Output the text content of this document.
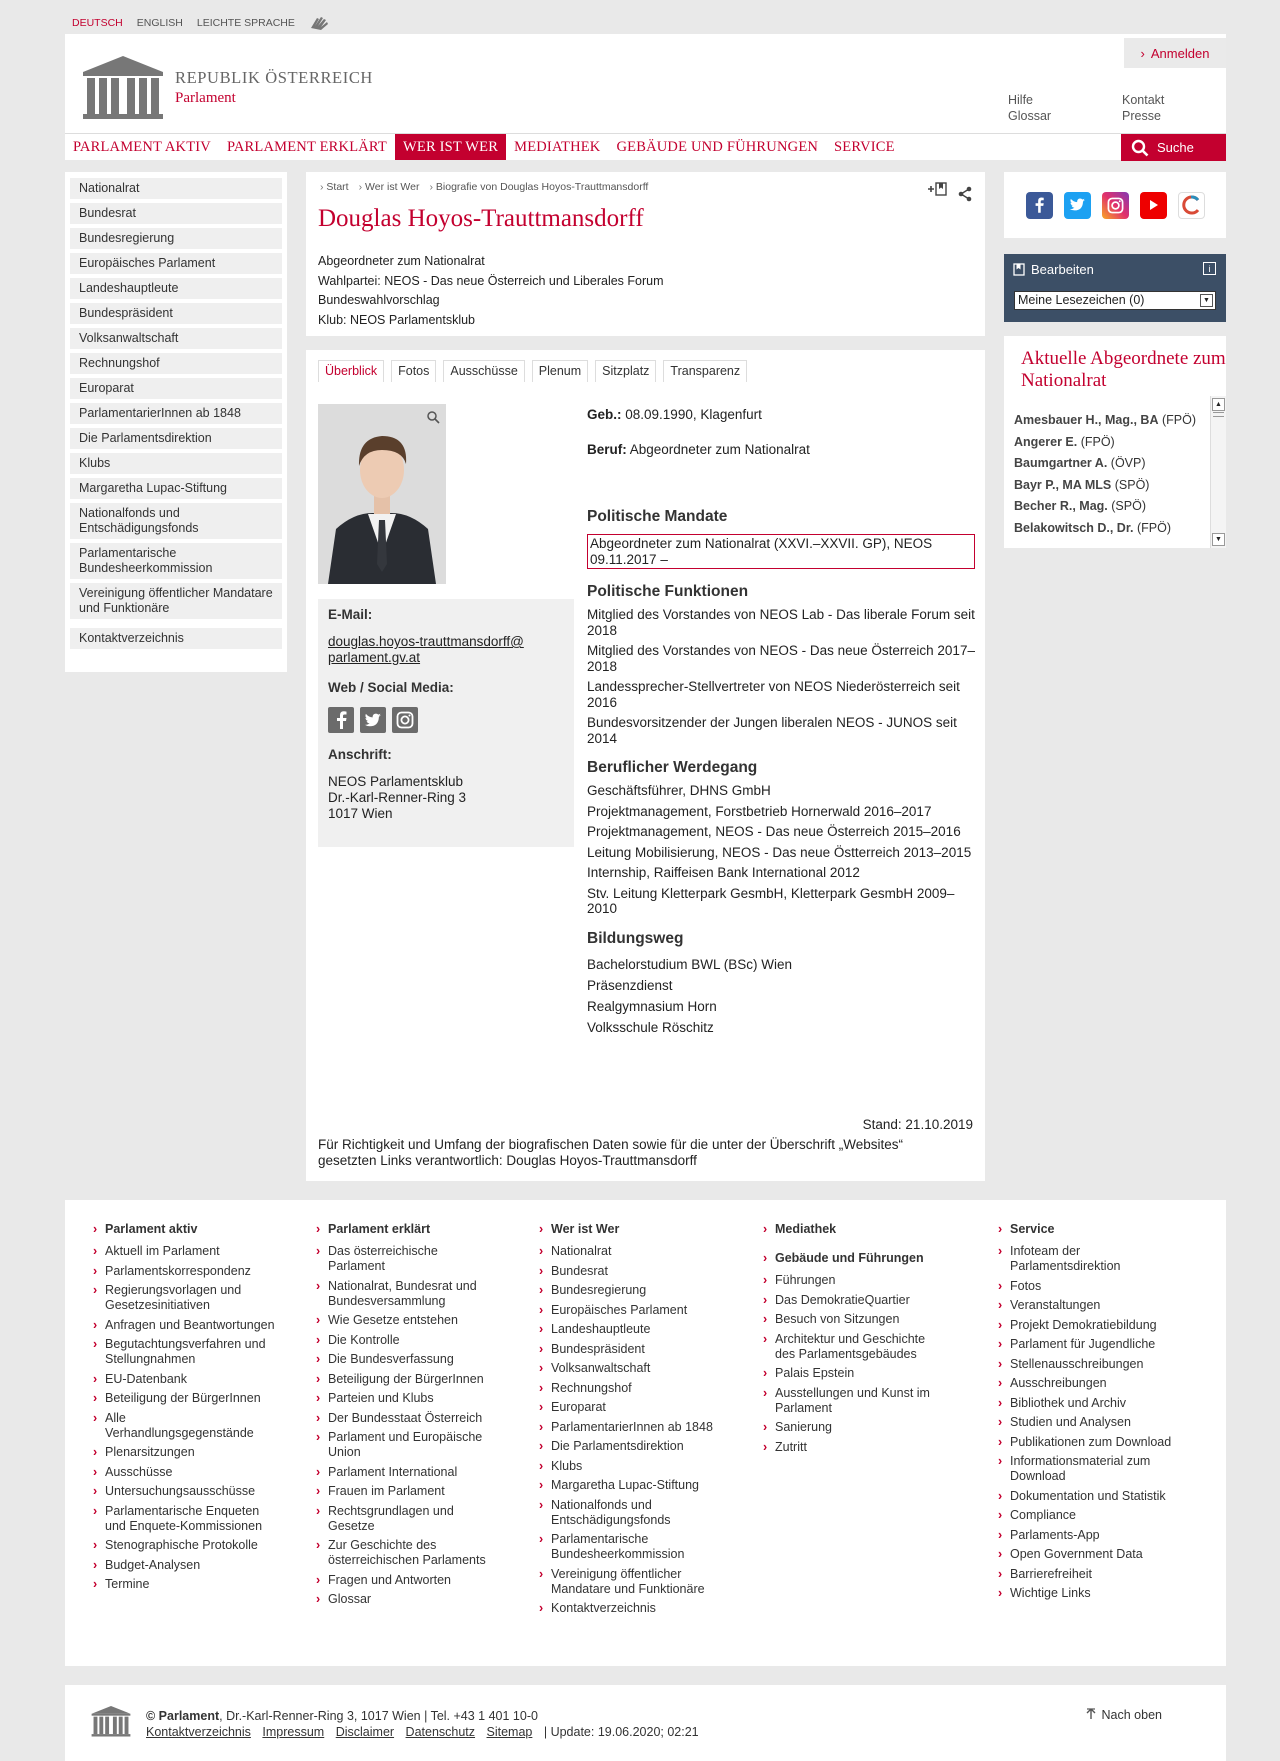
DEUTSCH ENGLISH LEICHTE SPRACHE
REPUBLIK ÖSTERREICH
Parlament
› Anmelden
Hilfe
Glossar
Kontakt
Presse
PARLAMENT AKTIV	PARLAMENT ERKLÄRT	WER IST WER	MEDIATHEK	GEBÄUDE UND FÜHRUNGEN	SERVICE	Suche
Nationalrat
Bundesrat
Bundesregierung
Europäisches Parlament
Landeshauptleute
Bundespräsident
Volksanwaltschaft
Rechnungshof
Europarat
ParlamentarierInnen ab 1848
Die Parlamentsdirektion
Klubs
Margaretha Lupac-Stiftung
Nationalfonds und Entschädigungsfonds
Parlamentarische Bundesheerkommission
Vereinigung öffentlicher Mandatare und Funktionäre
Kontaktverzeichnis
› Start	› Wer ist Wer	› Biografie von Douglas Hoyos-Trauttmansdorff
Douglas Hoyos-Trauttmansdorff
Abgeordneter zum Nationalrat
Wahlpartei: NEOS - Das neue Österreich und Liberales Forum
Bundeswahlvorschlag
Klub: NEOS Parlamentsklub
Überblick	Fotos	Ausschüsse	Plenum	Sitzplatz	Transparenz
E-Mail:
douglas.hoyos-trauttmansdorff@
parlament.gv.at
Web / Social Media:
Anschrift:
NEOS Parlamentsklub
Dr.-Karl-Renner-Ring 3
1017 Wien
Geb.: 08.09.1990, Klagenfurt
Beruf: Abgeordneter zum Nationalrat
Politische Mandate
Abgeordneter zum Nationalrat (XXVI.–XXVII. GP), NEOS 09.11.2017 –
Politische Funktionen
Mitglied des Vorstandes von NEOS Lab - Das liberale Forum seit 2018
Mitglied des Vorstandes von NEOS - Das neue Österreich 2017–2018
Landessprecher-Stellvertreter von NEOS Niederösterreich seit 2016
Bundesvorsitzender der Jungen liberalen NEOS - JUNOS seit 2014
Beruflicher Werdegang
Geschäftsführer, DHNS GmbH
Projektmanagement, Forstbetrieb Hornerwald 2016–2017
Projektmanagement, NEOS - Das neue Österreich 2015–2016
Leitung Mobilisierung, NEOS - Das neue Östterreich 2013–2015
Internship, Raiffeisen Bank International 2012
Stv. Leitung Kletterpark GesmbH, Kletterpark GesmbH 2009–2010
Bildungsweg
Bachelorstudium BWL (BSc) Wien
Präsenzdienst
Realgymnasium Horn
Volksschule Röschitz
Stand: 21.10.2019
Für Richtigkeit und Umfang der biografischen Daten sowie für die unter der Überschrift „Websites“ gesetzten Links verantwortlich: Douglas Hoyos-Trauttmansdorff
Bearbeiten	i
Meine Lesezeichen (0)	▼
Aktuelle Abgeordnete zum Nationalrat
Amesbauer H., Mag., BA (FPÖ)
Angerer E. (FPÖ)
Baumgartner A. (ÖVP)
Bayr P., MA MLS (SPÖ)
Becher R., Mag. (SPÖ)
Belakowitsch D., Dr. (FPÖ)
▲
▼
› Parlament aktiv
› Aktuell im Parlament
› Parlamentskorrespondenz
› Regierungsvorlagen und Gesetzesinitiativen
› Anfragen und Beantwortungen
› Begutachtungsverfahren und Stellungnahmen
› EU-Datenbank
› Beteiligung der BürgerInnen
› Alle Verhandlungsgegenstände
› Plenarsitzungen
› Ausschüsse
› Untersuchungsausschüsse
› Parlamentarische Enqueten und Enquete-Kommissionen
› Stenographische Protokolle
› Budget-Analysen
› Termine
› Parlament erklärt
› Das österreichische Parlament
› Nationalrat, Bundesrat und Bundesversammlung
› Wie Gesetze entstehen
› Die Kontrolle
› Die Bundesverfassung
› Beteiligung der BürgerInnen
› Parteien und Klubs
› Der Bundesstaat Österreich
› Parlament und Europäische Union
› Parlament International
› Frauen im Parlament
› Rechtsgrundlagen und Gesetze
› Zur Geschichte des österreichischen Parlaments
› Fragen und Antworten
› Glossar
› Wer ist Wer
› Nationalrat
› Bundesrat
› Bundesregierung
› Europäisches Parlament
› Landeshauptleute
› Bundespräsident
› Volksanwaltschaft
› Rechnungshof
› Europarat
› ParlamentarierInnen ab 1848
› Die Parlamentsdirektion
› Klubs
› Margaretha Lupac-Stiftung
› Nationalfonds und Entschädigungsfonds
› Parlamentarische Bundesheerkommission
› Vereinigung öffentlicher Mandatare und Funktionäre
› Kontaktverzeichnis
› Mediathek
› Gebäude und Führungen
› Führungen
› Das DemokratieQuartier
› Besuch von Sitzungen
› Architektur und Geschichte des Parlamentsgebäudes
› Palais Epstein
› Ausstellungen und Kunst im Parlament
› Sanierung
› Zutritt
› Service
› Infoteam der Parlamentsdirektion
› Fotos
› Veranstaltungen
› Projekt Demokratiebildung
› Parlament für Jugendliche
› Stellenausschreibungen
› Ausschreibungen
› Bibliothek und Archiv
› Studien und Analysen
› Publikationen zum Download
› Informationsmaterial zum Download
› Dokumentation und Statistik
› Compliance
› Parlaments-App
› Open Government Data
› Barrierefreiheit
› Wichtige Links
© Parlament, Dr.-Karl-Renner-Ring 3, 1017 Wien | Tel. +43 1 401 10-0
Kontaktverzeichnis Impressum Disclaimer Datenschutz Sitemap | Update: 19.06.2020; 02:21
Nach oben
